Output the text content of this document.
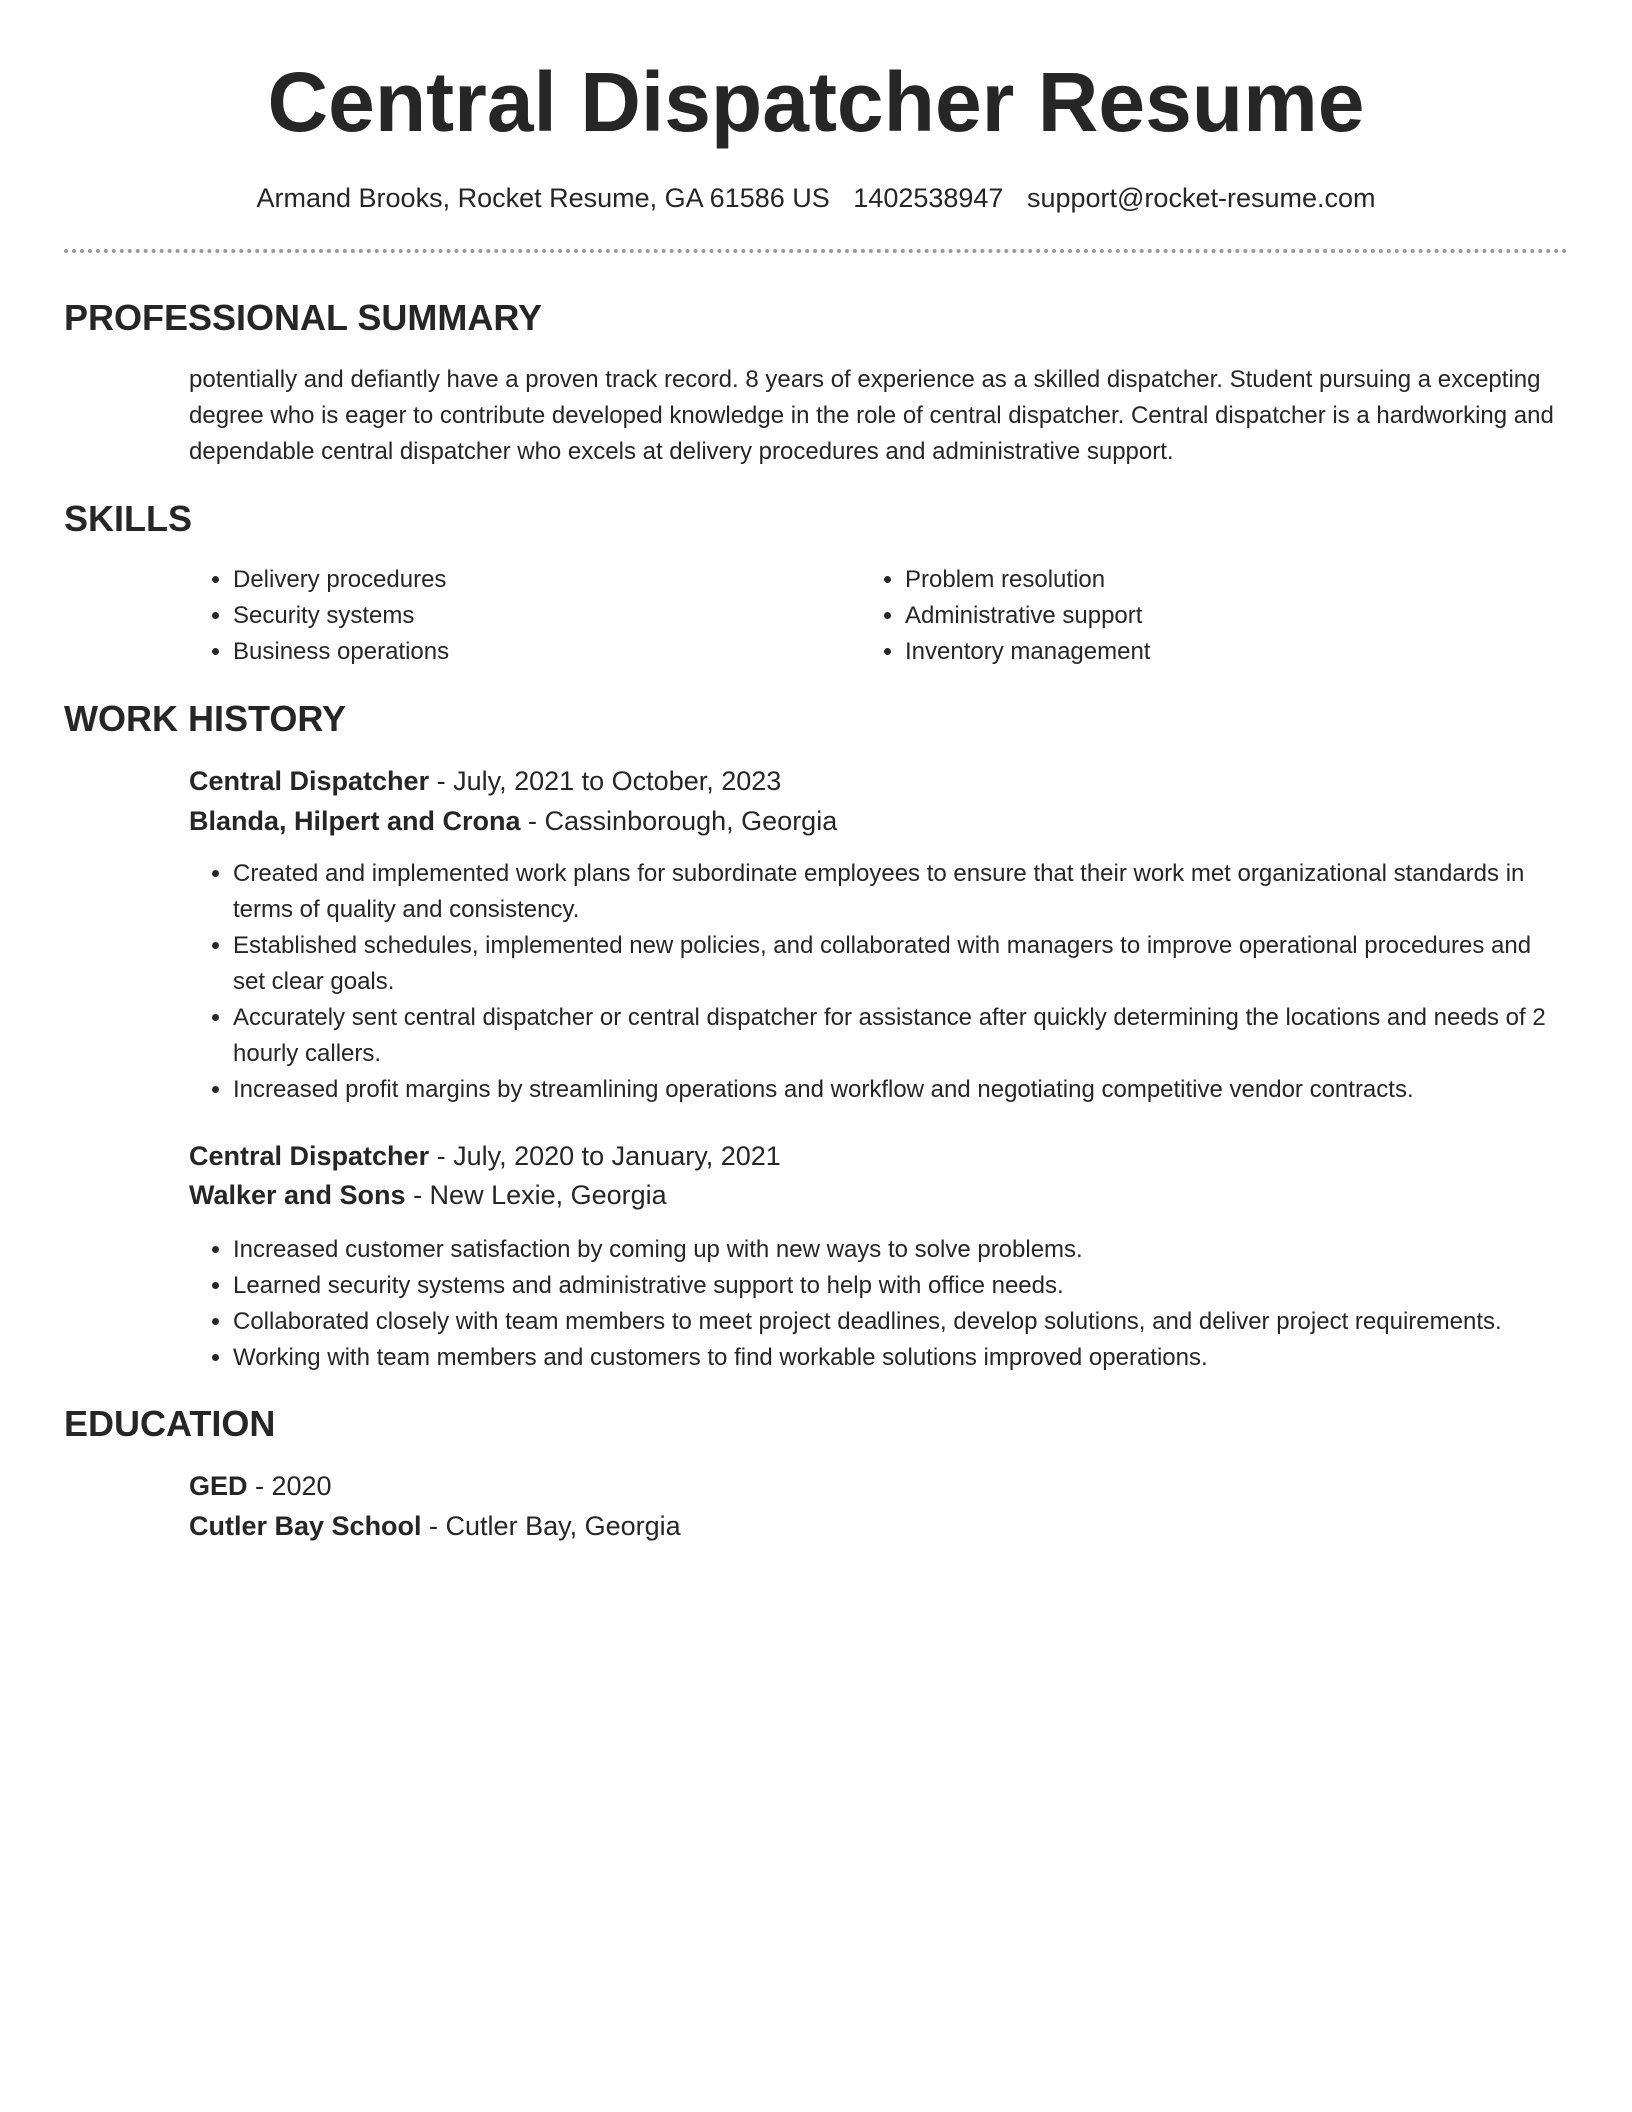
Central Dispatcher Resume
Armand Brooks, Rocket Resume, GA 61586 US 1402538947 support@rocket-resume.com
PROFESSIONAL SUMMARY

potentially and defiantly have a proven track record. 8 years of experience as a skilled dispatcher. Student pursuing a excepting degree who is eager to contribute developed knowledge in the role of central dispatcher. Central dispatcher is a hardworking and dependable central dispatcher who excels at delivery procedures and administrative support.

SKILLS
• Delivery procedures
• Security systems
• Business operations
• Problem resolution
• Administrative support
• Inventory management
WORK HISTORY
Central Dispatcher - July, 2021 to October, 2023
Blanda, Hilpert and Crona - Cassinborough, Georgia
• Created and implemented work plans for subordinate employees to ensure that their work met organizational standards in terms of quality and consistency.
• Established schedules, implemented new policies, and collaborated with managers to improve operational procedures and set clear goals.
• Accurately sent central dispatcher or central dispatcher for assistance after quickly determining the locations and needs of 2 hourly callers.
• Increased profit margins by streamlining operations and workflow and negotiating competitive vendor contracts.
Central Dispatcher - July, 2020 to January, 2021
Walker and Sons - New Lexie, Georgia
• Increased customer satisfaction by coming up with new ways to solve problems.
• Learned security systems and administrative support to help with office needs.
• Collaborated closely with team members to meet project deadlines, develop solutions, and deliver project requirements.
• Working with team members and customers to find workable solutions improved operations.
EDUCATION
GED - 2020
Cutler Bay School - Cutler Bay, Georgia
